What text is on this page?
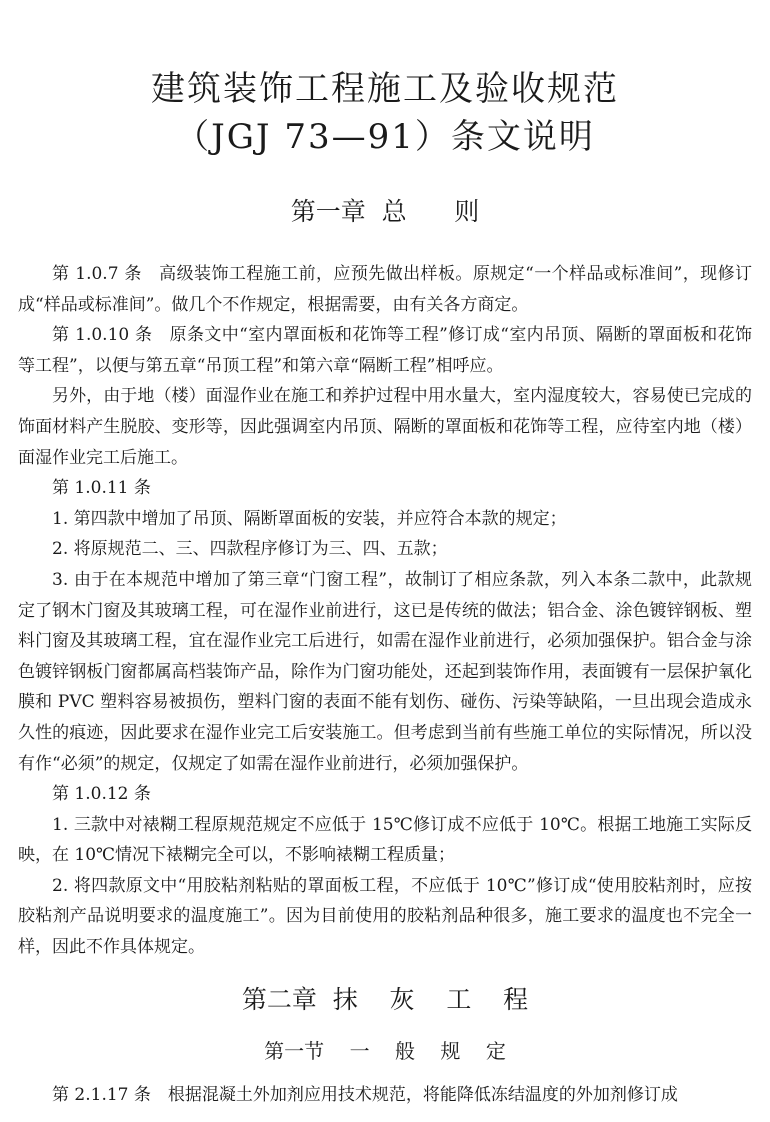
建筑装饰工程施工及验收规范
（JGJ 73—91）条文说明
第一章  总      则

第 1.0.7 条　高级装饰工程施工前，应预先做出样板。原规定“一个样品或标准间”，现修订成“样品或标准间”。做几个不作规定，根据需要，由有关各方商定。

第 1.0.10 条　原条文中“室内罩面板和花饰等工程”修订成“室内吊顶、隔断的罩面板和花饰等工程”，以便与第五章“吊顶工程”和第六章“隔断工程”相呼应。

另外，由于地（楼）面湿作业在施工和养护过程中用水量大，室内湿度较大，容易使已完成的饰面材料产生脱胶、变形等，因此强调室内吊顶、隔断的罩面板和花饰等工程，应待室内地（楼）面湿作业完工后施工。

第 1.0.11 条

1. 第四款中增加了吊顶、隔断罩面板的安装，并应符合本款的规定；

2. 将原规范二、三、四款程序修订为三、四、五款；

3. 由于在本规范中增加了第三章“门窗工程”，故制订了相应条款，列入本条二款中，此款规定了钢木门窗及其玻璃工程，可在湿作业前进行，这已是传统的做法；铝合金、涂色镀锌钢板、塑料门窗及其玻璃工程，宜在湿作业完工后进行，如需在湿作业前进行，必须加强保护。铝合金与涂色镀锌钢板门窗都属高档装饰产品，除作为门窗功能处，还起到装饰作用，表面镀有一层保护氧化膜和 PVC 塑料容易被损伤，塑料门窗的表面不能有划伤、碰伤、污染等缺陷，一旦出现会造成永久性的痕迹，因此要求在湿作业完工后安装施工。但考虑到当前有些施工单位的实际情况，所以没有作“必须”的规定，仅规定了如需在湿作业前进行，必须加强保护。

第 1.0.12 条

1. 三款中对裱糊工程原规范规定不应低于 15℃修订成不应低于 10℃。根据工地施工实际反映，在 10℃情况下裱糊完全可以，不影响裱糊工程质量；

2. 将四款原文中“用胶粘剂粘贴的罩面板工程，不应低于 10℃”修订成“使用胶粘剂时，应按胶粘剂产品说明要求的温度施工”。因为目前使用的胶粘剂品种很多，施工要求的温度也不完全一样，因此不作具体规定。

第二章  抹    灰    工    程
第一节    一    般    规    定
第 2.1.17 条　根据混凝土外加剂应用技术规范，将能降低冻结温度的外加剂修订成
